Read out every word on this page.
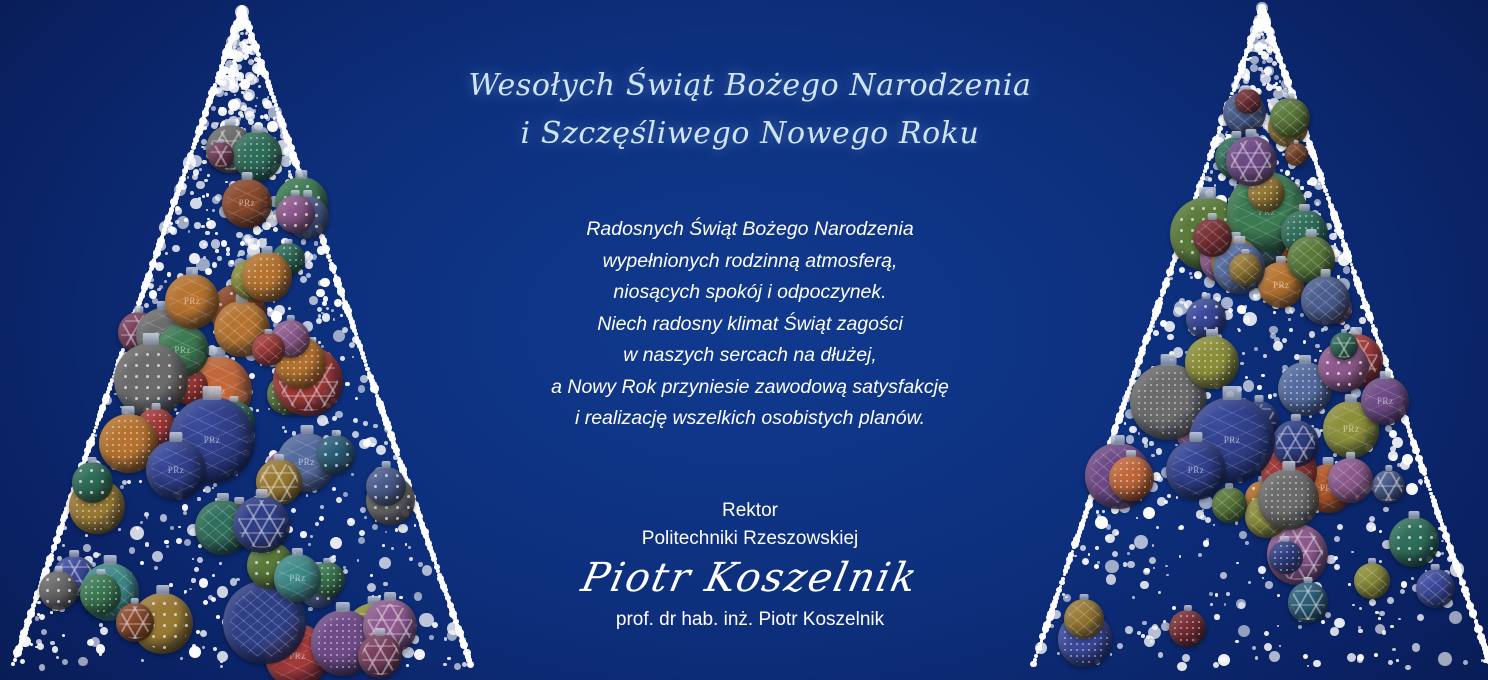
PRz
PRz
PRz
PRz
PRz
PRz
PRz
PRz
PRz
PRz
PRz
PRz
PRz
PRz
PRz
PRz
PRz
Wesołych Świąt Bożego Narodzenia
i Szczęśliwego Nowego Roku
Radosnych Świąt Bożego Narodzenia
wypełnionych rodzinną atmosferą,
niosących spokój i odpoczynek.
Niech radosny klimat Świąt zagości
w naszych sercach na dłużej,
a Nowy Rok przyniesie zawodową satysfakcję
i realizację wszelkich osobistych planów.
Rektor
Politechniki Rzeszowskiej
Piotr Koszelnik
prof. dr hab. inż. Piotr Koszelnik
